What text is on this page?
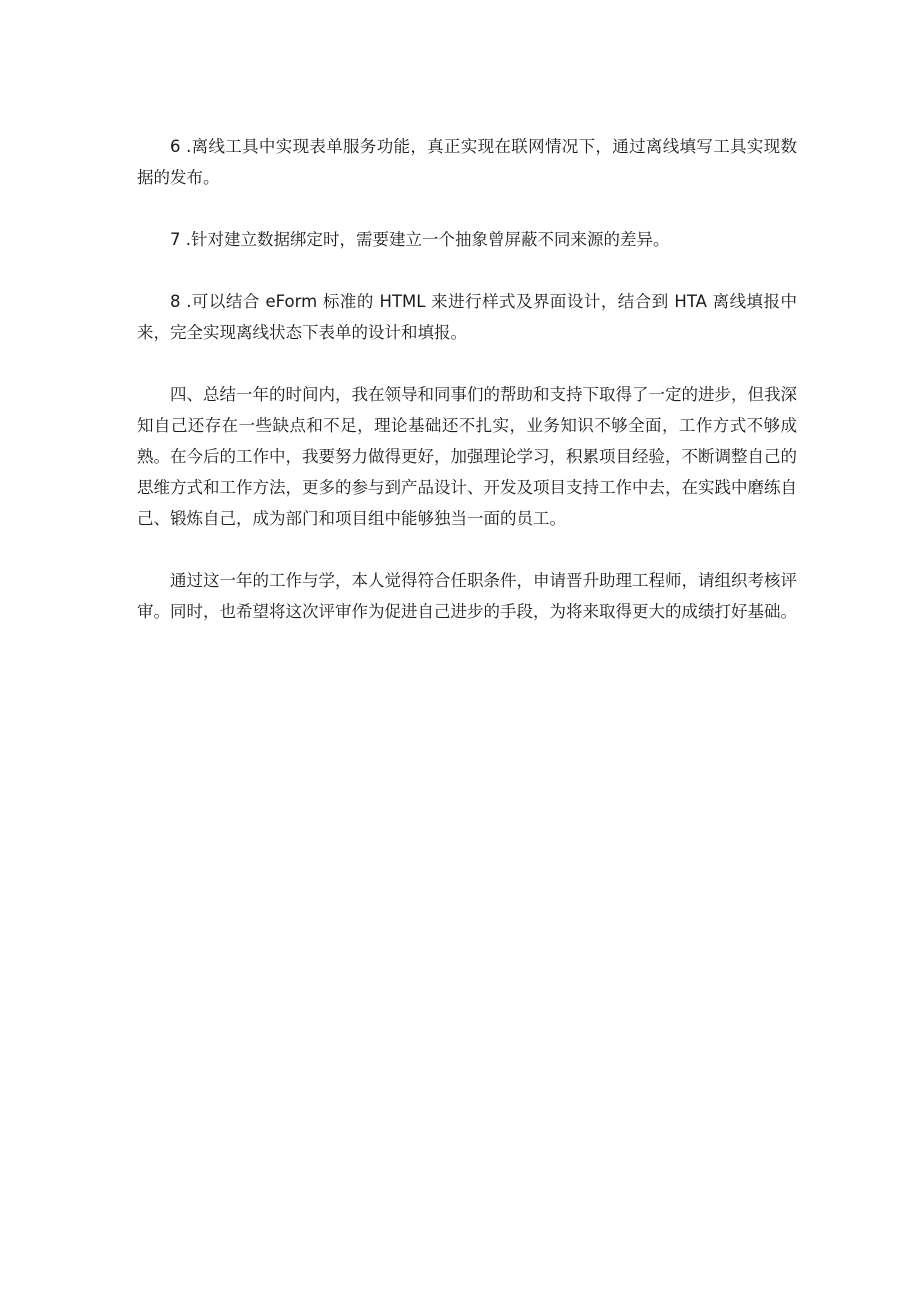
6 .离线工具中实现表单服务功能，真正实现在联网情况下，通过离线填写工具实现数据的发布。

7 .针对建立数据绑定时，需要建立一个抽象曾屏蔽不同来源的差异。

8 .可以结合 eForm 标准的 HTML 来进行样式及界面设计，结合到 HTA 离线填报中来，完全实现离线状态下表单的设计和填报。

四、总结一年的时间内，我在领导和同事们的帮助和支持下取得了一定的进步，但我深知自己还存在一些缺点和不足，理论基础还不扎实，业务知识不够全面，工作方式不够成熟。在今后的工作中，我要努力做得更好，加强理论学习，积累项目经验，不断调整自己的思维方式和工作方法，更多的参与到产品设计、开发及项目支持工作中去，在实践中磨练自己、锻炼自己，成为部门和项目组中能够独当一面的员工。

通过这一年的工作与学，本人觉得符合任职条件，申请晋升助理工程师，请组织考核评审。同时，也希望将这次评审作为促进自己进步的手段，为将来取得更大的成绩打好基础。
